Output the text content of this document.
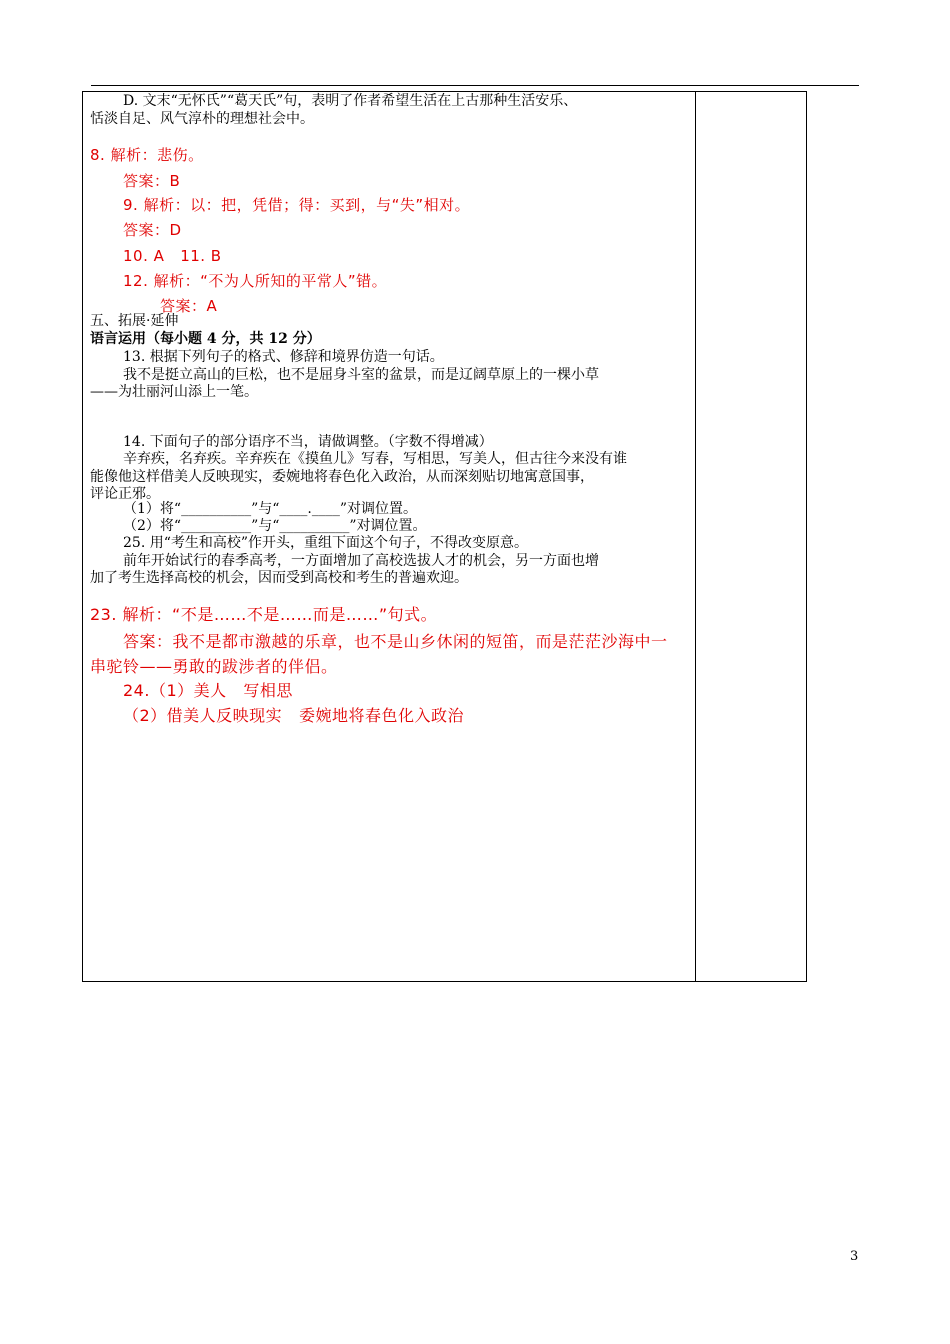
D. 文末“无怀氏”“葛天氏”句，表明了作者希望生活在上古那种生活安乐、
恬淡自足、风气淳朴的理想社会中。
8. 解析：悲伤。
答案：B
9. 解析：以：把，凭借；得：买到，与“失”相对。
答案：D
10. A   11. B
12. 解析：“不为人所知的平常人”错。
答案：A
五、拓展·延伸
语言运用（每小题 4 分，共 12 分）
13. 根据下列句子的格式、修辞和境界仿造一句话。
我不是挺立高山的巨松，也不是屈身斗室的盆景，而是辽阔草原上的一棵小草
——为壮丽河山添上一笔。
14. 下面句子的部分语序不当，请做调整。（字数不得增减）
辛弃疾，名弃疾。辛弃疾在《摸鱼儿》写春，写相思，写美人，但古往今来没有谁
能像他这样借美人反映现实，委婉地将春色化入政治，从而深刻贴切地寓意国事，
评论正邪。
（1）将“__________”与“____.____”对调位置。
（2）将“__________”与“__________”对调位置。
25. 用“考生和高校”作开头，重组下面这个句子，不得改变原意。
前年开始试行的春季高考，一方面增加了高校选拔人才的机会，另一方面也增
加了考生选择高校的机会，因而受到高校和考生的普遍欢迎。
23. 解析：“不是……不是……而是……”句式。
答案：我不是都市激越的乐章，也不是山乡休闲的短笛，而是茫茫沙海中一
串驼铃——勇敢的跋涉者的伴侣。
24.（1）美人   写相思
（2）借美人反映现实   委婉地将春色化入政治
3
